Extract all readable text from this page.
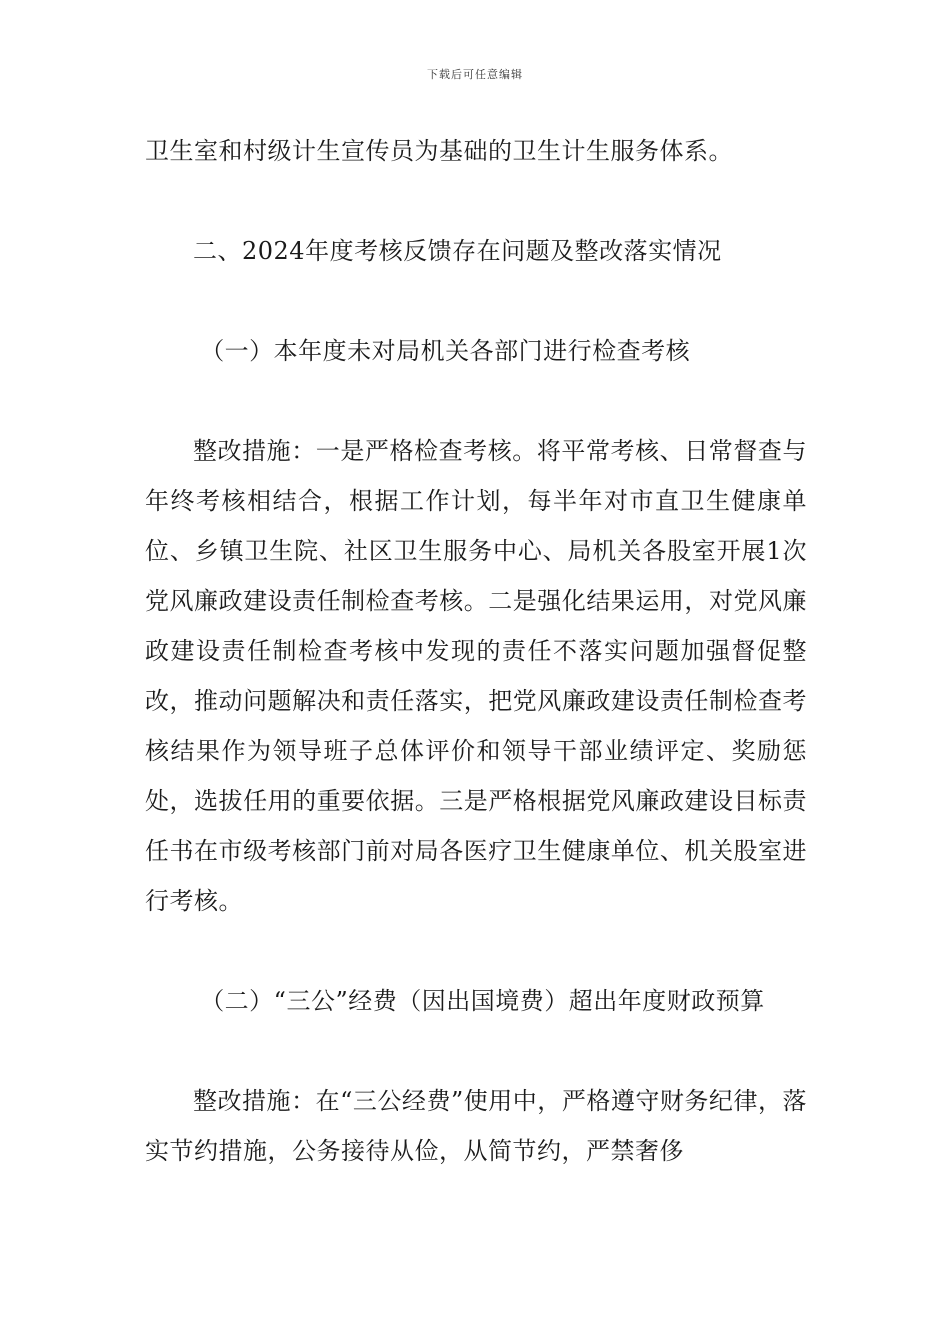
下载后可任意编辑

卫生室和村级计生宣传员为基础的卫生计生服务体系。

二、2024年度考核反馈存在问题及整改落实情况

（一）本年度未对局机关各部门进行检查考核

整改措施：一是严格检查考核。将平常考核、日常督查与年终考核相结合，根据工作计划，每半年对市直卫生健康单位、乡镇卫生院、社区卫生服务中心、局机关各股室开展1次党风廉政建设责任制检查考核。二是强化结果运用，对党风廉政建设责任制检查考核中发现的责任不落实问题加强督促整改，推动问题解决和责任落实，把党风廉政建设责任制检查考核结果作为领导班子总体评价和领导干部业绩评定、奖励惩处，选拔任用的重要依据。三是严格根据党风廉政建设目标责任书在市级考核部门前对局各医疗卫生健康单位、机关股室进行考核。

（二）“三公”经费（因出国境费）超出年度财政预算

整改措施：在“三公经费”使用中，严格遵守财务纪律，落实节约措施，公务接待从俭，从简节约，严禁奢侈
